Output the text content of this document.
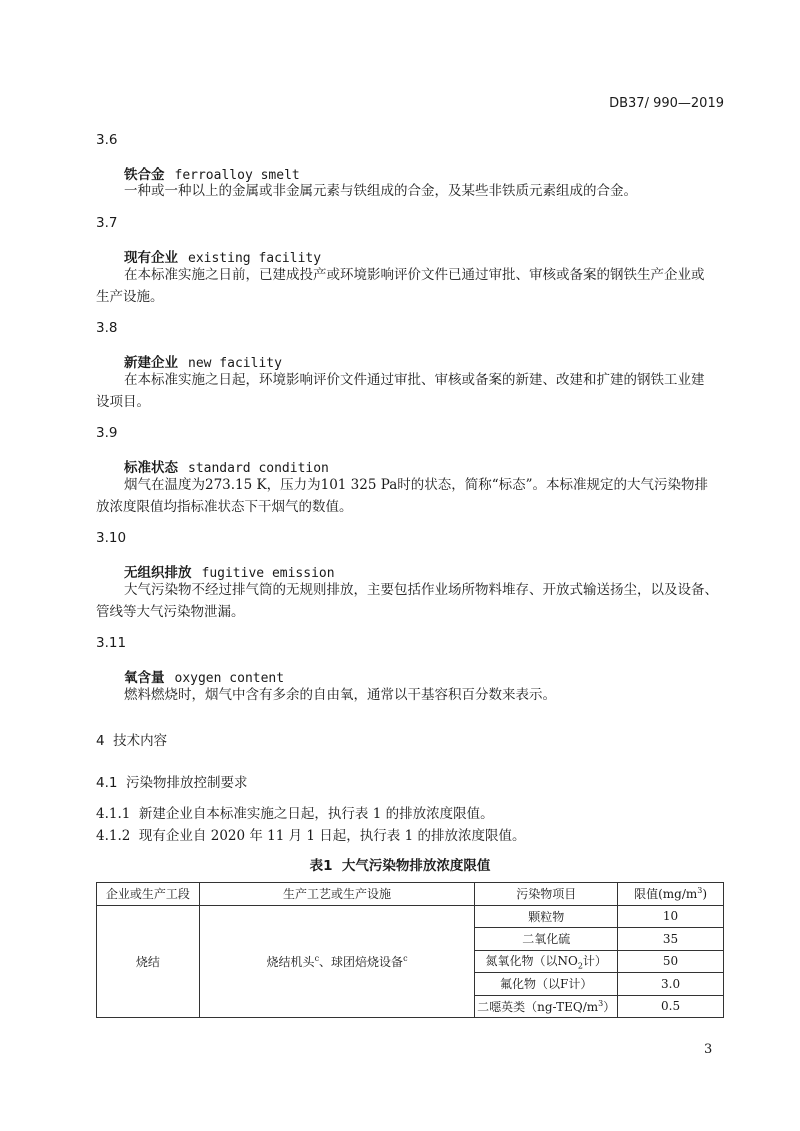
DB37/ 990—2019
3.6
铁合金 ferroalloy smelt
一种或一种以上的金属或非金属元素与铁组成的合金，及某些非铁质元素组成的合金。
3.7
现有企业 existing facility
在本标准实施之日前，已建成投产或环境影响评价文件已通过审批、审核或备案的钢铁生产企业或
生产设施。
3.8
新建企业 new facility
在本标准实施之日起，环境影响评价文件通过审批、审核或备案的新建、改建和扩建的钢铁工业建
设项目。
3.9
标准状态 standard condition
烟气在温度为273.15 K，压力为101 325 Pa时的状态，简称“标态”。本标准规定的大气污染物排
放浓度限值均指标准状态下干烟气的数值。
3.10
无组织排放 fugitive emission
大气污染物不经过排气筒的无规则排放，主要包括作业场所物料堆存、开放式输送扬尘，以及设备、
管线等大气污染物泄漏。
3.11
氧含量 oxygen content
燃料燃烧时，烟气中含有多余的自由氧，通常以干基容积百分数来表示。
4  技术内容
4.1  污染物排放控制要求
4.1.1  新建企业自本标准实施之日起，执行表 1 的排放浓度限值。
4.1.2  现有企业自 2020 年 11 月 1 日起，执行表 1 的排放浓度限值。
表1  大气污染物排放浓度限值
企业或生产工段	生产工艺或生产设施	污染物项目	限值$(mg/m^3)$
烧结	烧结机头$^c$、球团焙烧设备$^c$	颗粒物	10
		二氧化硫	35
		氮氧化物（以$NO_2$计）	50
		氟化物（以F计）	3.0
		二噁英类$(ng-TEQ/m^3)$	0.5
3
